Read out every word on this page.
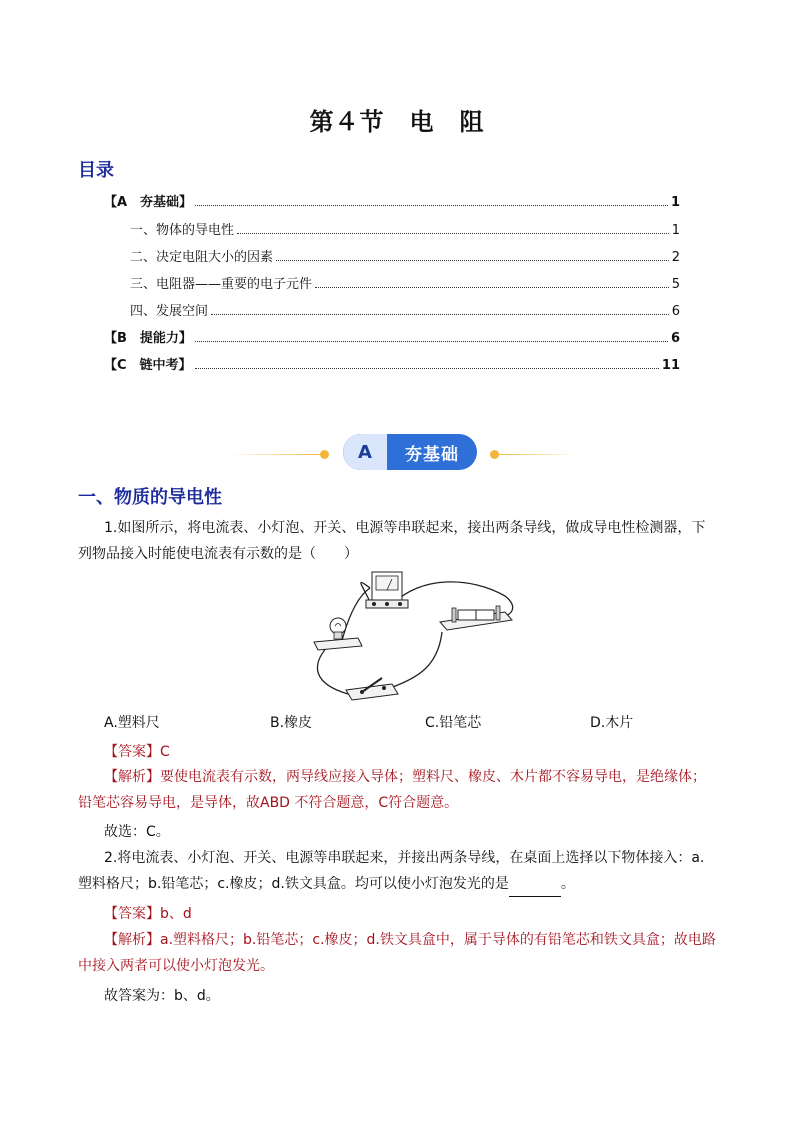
第４节　电　阻
目录
【A　夯基础】	1
一、物体的导电性	1
二、决定电阻大小的因素	2
三、电阻器——重要的电子元件	5
四、发展空间	6
【B　提能力】	6
【C　链中考】	11
A	夯基础
一、物质的导电性
1.如图所示，将电流表、小灯泡、开关、电源等串联起来，接出两条导线，做成导电性检测器，下列物品接入时能使电流表有示数的是（　　）
A.塑料尺	B.橡皮	C.铅笔芯	D.木片
【答案】C
【解析】要使电流表有示数，两导线应接入导体；塑料尺、橡皮、木片都不容易导电，是绝缘体；铅笔芯容易导电，是导体，故ABD 不符合题意，C符合题意。
故选：C。
2.将电流表、小灯泡、开关、电源等串联起来，并接出两条导线，在桌面上选择以下物体接入：a.塑料格尺；b.铅笔芯；c.橡皮；d.铁文具盒。均可以使小灯泡发光的是	。
【答案】b、d
【解析】a.塑料格尺；b.铅笔芯；c.橡皮；d.铁文具盒中，属于导体的有铅笔芯和铁文具盒；故电路中接入两者可以使小灯泡发光。
故答案为：b、d。
